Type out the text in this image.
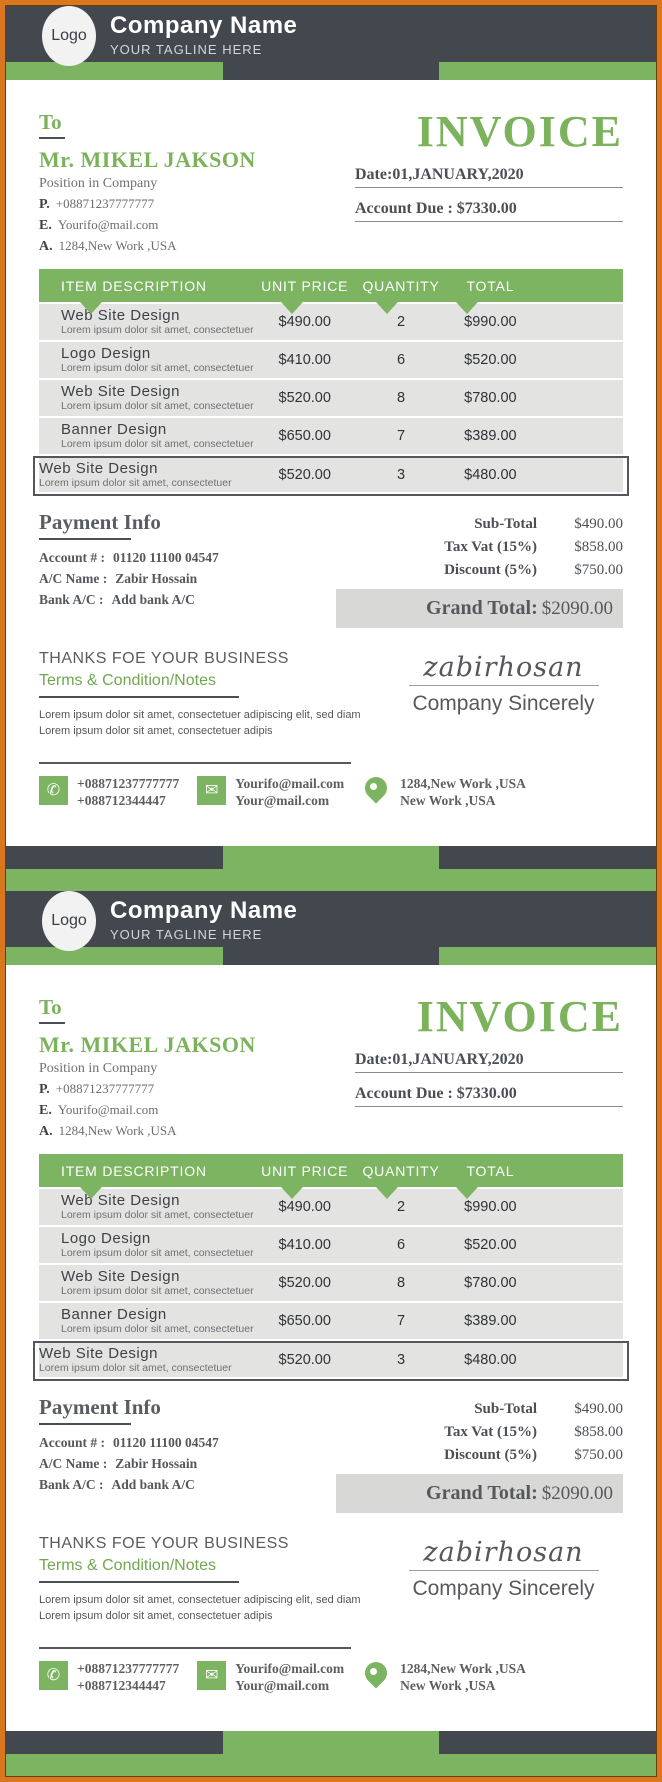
Logo Company Name
YOUR TAGLINE HERE
To
Mr. MIKEL JAKSON
Position in Company
P. +08871237777777
E. Yourifo@mail.com
A. 1284,New Work ,USA
INVOICE
Date:01,JANUARY,2020
Account Due : $7330.00
ITEM DESCRIPTION	UNIT PRICE	QUANTITY	TOTAL
Web Site Design
Lorem ipsum dolor sit amet, consectetuer
$490.00	2	$990.00
Logo Design
Lorem ipsum dolor sit amet, consectetuer
$410.00	6	$520.00
Web Site Design
Lorem ipsum dolor sit amet, consectetuer
$520.00	8	$780.00
Banner Design
Lorem ipsum dolor sit amet, consectetuer
$650.00	7	$389.00
Web Site Design
Lorem ipsum dolor sit amet, consectetuer
$520.00	3	$480.00
Payment Info
Account # : 01120 11100 04547
A/C Name : Zabir Hossain
Bank A/C : Add bank A/C
Sub-Total	$490.00
Tax Vat (15%)	$858.00
Discount (5%)	$750.00
Grand Total: $2090.00
THANKS FOE YOUR BUSINESS
Terms & Condition/Notes
Lorem ipsum dolor sit amet, consectetuer adipiscing elit, sed diam Lorem ipsum dolor sit amet, consectetuer adipis
zabirhosan
Company Sincerely
✆	+08871237777777
+088712344447
✉	Yourifo@mail.com
Your@mail.com
1284,New Work ,USA
New Work ,USA
Logo Company Name
YOUR TAGLINE HERE
To
Mr. MIKEL JAKSON
Position in Company
P. +08871237777777
E. Yourifo@mail.com
A. 1284,New Work ,USA
INVOICE
Date:01,JANUARY,2020
Account Due : $7330.00
ITEM DESCRIPTION	UNIT PRICE	QUANTITY	TOTAL
Web Site Design
Lorem ipsum dolor sit amet, consectetuer
$490.00	2	$990.00
Logo Design
Lorem ipsum dolor sit amet, consectetuer
$410.00	6	$520.00
Web Site Design
Lorem ipsum dolor sit amet, consectetuer
$520.00	8	$780.00
Banner Design
Lorem ipsum dolor sit amet, consectetuer
$650.00	7	$389.00
Web Site Design
Lorem ipsum dolor sit amet, consectetuer
$520.00	3	$480.00
Payment Info
Account # : 01120 11100 04547
A/C Name : Zabir Hossain
Bank A/C : Add bank A/C
Sub-Total	$490.00
Tax Vat (15%)	$858.00
Discount (5%)	$750.00
Grand Total: $2090.00
THANKS FOE YOUR BUSINESS
Terms & Condition/Notes
Lorem ipsum dolor sit amet, consectetuer adipiscing elit, sed diam Lorem ipsum dolor sit amet, consectetuer adipis
zabirhosan
Company Sincerely
✆	+08871237777777
+088712344447
✉	Yourifo@mail.com
Your@mail.com
1284,New Work ,USA
New Work ,USA
